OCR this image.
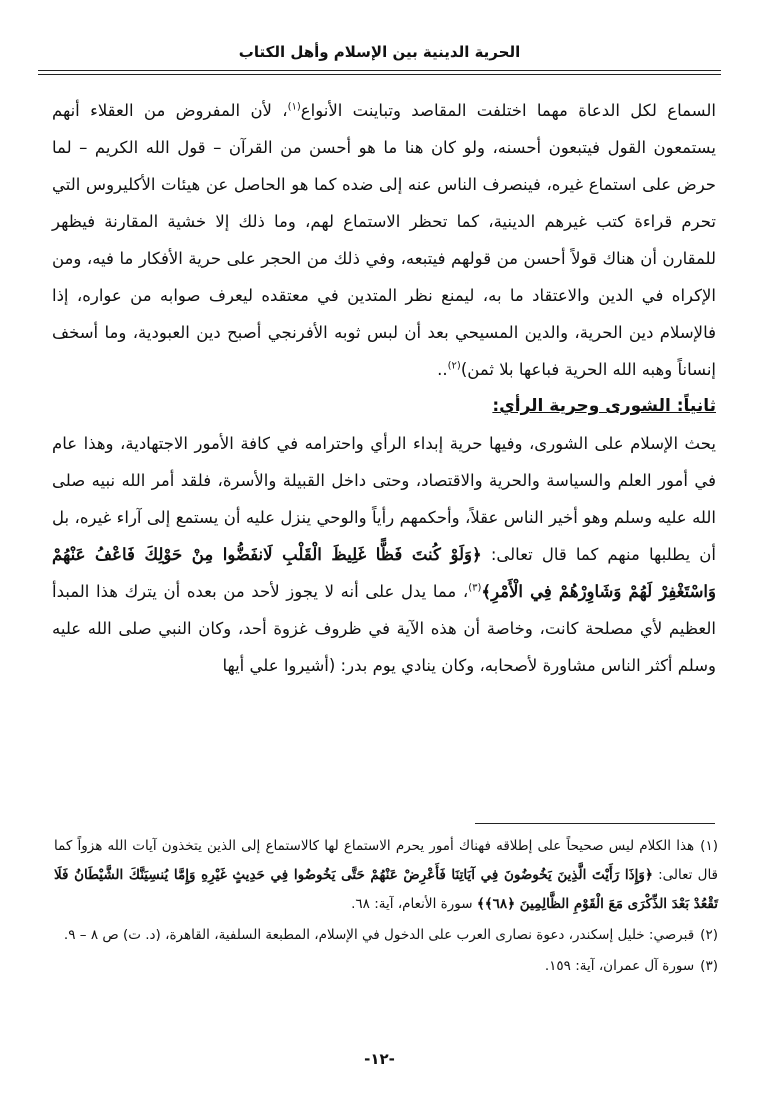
الحرية الدينية بين الإسلام وأهل الكتاب

السماع لكل الدعاة مهما اختلفت المقاصد وتباينت الأنواع$^{(١)}$، لأن المفروض من العقلاء أنهم يستمعون القول فيتبعون أحسنه، ولو كان هنا ما هو أحسن من القرآن – قول الله الكريم – لما حرض على استماع غيره، فينصرف الناس عنه إلى ضده كما هو الحاصل عن هيئات الأكليروس التي تحرم قراءة كتب غيرهم الدينية، كما تحظر الاستماع لهم، وما ذلك إلا خشية المقارنة فيظهر للمقارن أن هناك قولاً أحسن من قولهم فيتبعه، وفي ذلك من الحجر على حرية الأفكار ما فيه، ومن الإكراه في الدين والاعتقاد ما به، ليمنع نظر المتدين في معتقده ليعرف صوابه من عواره، إذا فالإسلام دين الحرية، والدين المسيحي بعد أن لبس ثوبه الأفرنجي أصبح دين العبودية، وما أسخف إنساناً وهبه الله الحرية فباعها بلا ثمن)$^{(٢)}$..

ثانياً: الشورى وحرية الرأي:

يحث الإسلام على الشورى، وفيها حرية إبداء الرأي واحترامه في كافة الأمور الاجتهادية، وهذا عام في أمور العلم والسياسة والحرية والاقتصاد، وحتى داخل القبيلة والأسرة، فلقد أمر الله نبيه صلى الله عليه وسلم وهو أخير الناس عقلاً، وأحكمهم رأياً والوحي ينزل عليه أن يستمع إلى آراء غيره، بل أن يطلبها منهم كما قال تعالى: ﴿وَلَوْ كُنتَ فَظًّا غَلِيظَ الْقَلْبِ لَانفَضُّوا مِنْ حَوْلِكَ فَاعْفُ عَنْهُمْ وَاسْتَغْفِرْ لَهُمْ وَشَاوِرْهُمْ فِي الْأَمْرِ﴾$^{(٣)}$، مما يدل على أنه لا يجوز لأحد من بعده أن يترك هذا المبدأ العظيم لأي مصلحة كانت، وخاصة أن هذه الآية في ظروف غزوة أحد، وكان النبي صلى الله عليه وسلم أكثر الناس مشاورة لأصحابه، وكان ينادي يوم بدر: (أشيروا علي أيها

(١)هذا الكلام ليس صحيحاً على إطلاقه فهناك أمور يحرم الاستماع لها كالاستماع إلى الذين يتخذون آيات الله هزواً كما قال تعالى: ﴿وَإِذَا رَأَيْتَ الَّذِينَ يَخُوضُونَ فِي آيَاتِنَا فَأَعْرِضْ عَنْهُمْ حَتَّى يَخُوضُوا فِي حَدِيثٍ غَيْرِهِ وَإِمَّا يُنسِيَنَّكَ الشَّيْطَانُ فَلَا تَقْعُدْ بَعْدَ الذِّكْرَى مَعَ الْقَوْمِ الظَّالِمِينَ ﴿٦٨﴾﴾ سورة الأنعام، آية: ٦٨.

(٢)قبرصي: خليل إسكندر، دعوة نصارى العرب على الدخول في الإسلام، المطبعة السلفية، القاهرة، (د. ت) ص ٨ – ٩.

(٣)سورة آل عمران، آية: ١٥٩.

-١٢-
